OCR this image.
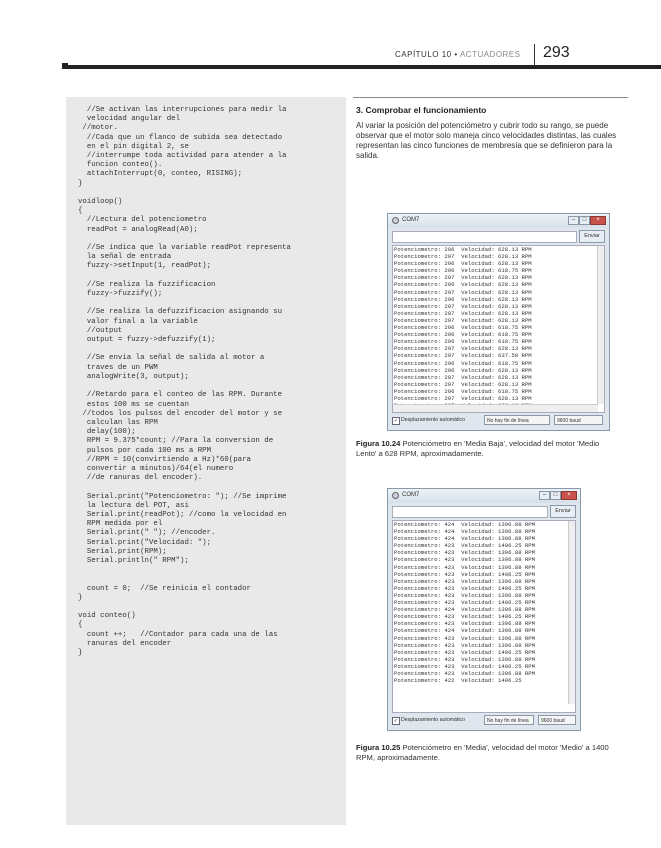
CAPÍTULO 10 • ACTUADORES 293
//Se activan las interrupciones para medir la
velocidad angular del
//motor.
//Cada que un flanco de subida sea detectado
en el pin digital 2, se
//interrumpe toda actividad para atender a la
funcion conteo().
attachInterrupt(0, conteo, RISING);
}

voidloop()
{
//Lectura del potenciometro
readPot = analogRead(A0);

//Se indica que la variable readPot representa
la señal de entrada
fuzzy->setInput(1, readPot);

//Se realiza la fuzzificacion
fuzzy->fuzzify();

//Se realiza la defuzzificacion asignando su
valor final a la variable
//output
output = fuzzy->defuzzify(1);

//Se envia la señal de salida al motor a
traves de un PWM
analogWrite(3, output);

//Retardo para el conteo de las RPM. Durante
estos 100 ms se cuentan
//todos los pulsos del encoder del motor y se
calculan las RPM
delay(100);
RPM = 9.375*count; //Para la conversion de
pulsos por cada 100 ms a RPM
//RPM = 10(convirtiendo a Hz)*60(para
convertir a minutos)/64(el numero
//de ranuras del encoder).

Serial.print("Potenciometro: "); //Se imprime
la lectura del POT, asi
Serial.print(readPot); //como la velocidad en
RPM medida por el
Serial.print(" "); //encoder.
Serial.print("Velocidad: ");
Serial.print(RPM);
Serial.println(" RPM");

count = 0;  //Se reinicia el contador
}

void conteo()
{
count ++;   //Contador para cada una de las
ranuras del encoder
}
3. Comprobar el funcionamiento
Al variar la posición del potenciómetro y cubrir todo su rango, se puede observar que el motor solo maneja cinco velocidades distintas, las cuales representan las cinco funciones de membresía que se definieron para la salida.
COM7	–	□	×
Enviar
Potenciometro: 296  Velocidad: 628.13 RPM
Potenciometro: 297  Velocidad: 628.13 RPM
Potenciometro: 296  Velocidad: 628.13 RPM
Potenciometro: 296  Velocidad: 618.75 RPM
Potenciometro: 297  Velocidad: 628.13 RPM
Potenciometro: 296  Velocidad: 628.13 RPM
Potenciometro: 297  Velocidad: 628.13 RPM
Potenciometro: 296  Velocidad: 628.13 RPM
Potenciometro: 297  Velocidad: 628.13 RPM
Potenciometro: 297  Velocidad: 628.13 RPM
Potenciometro: 297  Velocidad: 628.13 RPM
Potenciometro: 296  Velocidad: 618.75 RPM
Potenciometro: 296  Velocidad: 618.75 RPM
Potenciometro: 296  Velocidad: 618.75 RPM
Potenciometro: 297  Velocidad: 628.13 RPM
Potenciometro: 297  Velocidad: 637.50 RPM
Potenciometro: 296  Velocidad: 618.75 RPM
Potenciometro: 296  Velocidad: 628.13 RPM
Potenciometro: 297  Velocidad: 628.13 RPM
Potenciometro: 297  Velocidad: 628.13 RPM
Potenciometro: 296  Velocidad: 618.75 RPM
Potenciometro: 297  Velocidad: 628.13 RPM
✓ Desplazamiento automático	No hay fin de línea	9600 baud
Figura 10.24 Potenciómetro en 'Media Baja', velocidad del motor 'Medio Lento' a 628 RPM, aproximadamente.
COM7	–	□	×
Enviar
Potenciometro: 424  Velocidad: 1396.88 RPM
Potenciometro: 424  Velocidad: 1396.88 RPM
Potenciometro: 424  Velocidad: 1396.88 RPM
Potenciometro: 423  Velocidad: 1406.25 RPM
Potenciometro: 423  Velocidad: 1396.88 RPM
Potenciometro: 423  Velocidad: 1396.88 RPM
Potenciometro: 423  Velocidad: 1396.88 RPM
Potenciometro: 423  Velocidad: 1406.25 RPM
Potenciometro: 423  Velocidad: 1396.88 RPM
Potenciometro: 423  Velocidad: 1406.25 RPM
Potenciometro: 423  Velocidad: 1396.88 RPM
Potenciometro: 423  Velocidad: 1406.25 RPM
Potenciometro: 424  Velocidad: 1396.88 RPM
Potenciometro: 423  Velocidad: 1406.25 RPM
Potenciometro: 423  Velocidad: 1396.88 RPM
Potenciometro: 424  Velocidad: 1396.88 RPM
Potenciometro: 423  Velocidad: 1396.88 RPM
Potenciometro: 423  Velocidad: 1396.88 RPM
Potenciometro: 423  Velocidad: 1406.25 RPM
Potenciometro: 423  Velocidad: 1396.88 RPM
Potenciometro: 423  Velocidad: 1406.25 RPM
Potenciometro: 423  Velocidad: 1396.88 RPM
Potenciometro: 422  Velocidad: 1406.25
✓ Desplazamiento automático	No hay fin de línea	9600 baud
Figura 10.25 Potenciómetro en 'Media', velocidad del motor 'Medio' a 1400 RPM, aproximadamente.
